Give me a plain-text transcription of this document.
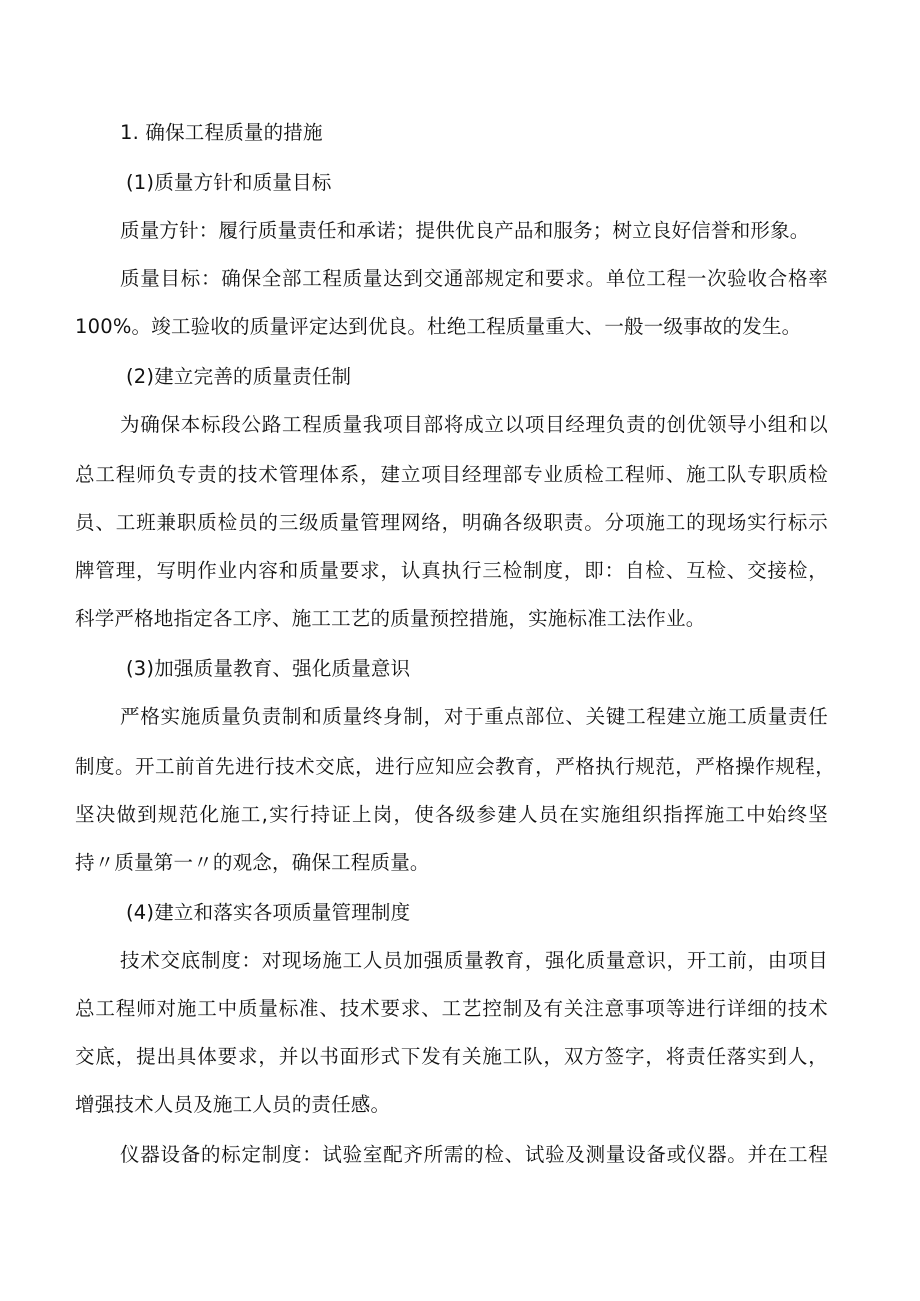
1. 确保工程质量的措施
(1)质量方针和质量目标
质量方针：履行质量责任和承诺；提供优良产品和服务；树立良好信誉和形象。
质量目标：确保全部工程质量达到交通部规定和要求。单位工程一次验收合格率
100%。竣工验收的质量评定达到优良。杜绝工程质量重大、一般一级事故的发生。
(2)建立完善的质量责任制
为确保本标段公路工程质量我项目部将成立以项目经理负责的创优领导小组和以
总工程师负专责的技术管理体系，建立项目经理部专业质检工程师、施工队专职质检
员、工班兼职质检员的三级质量管理网络，明确各级职责。分项施工的现场实行标示
牌管理，写明作业内容和质量要求，认真执行三检制度，即：自检、互检、交接检，
科学严格地指定各工序、施工工艺的质量预控措施，实施标准工法作业。
(3)加强质量教育、强化质量意识
严格实施质量负责制和质量终身制，对于重点部位、关键工程建立施工质量责任
制度。开工前首先进行技术交底，进行应知应会教育，严格执行规范，严格操作规程，
坚决做到规范化施工,实行持证上岗，使各级参建人员在实施组织指挥施工中始终坚
持〃质量第一〃的观念，确保工程质量。
(4)建立和落实各项质量管理制度
技术交底制度：对现场施工人员加强质量教育，强化质量意识，开工前，由项目
总工程师对施工中质量标准、技术要求、工艺控制及有关注意事项等进行详细的技术
交底，提出具体要求，并以书面形式下发有关施工队，双方签字，将责任落实到人，
增强技术人员及施工人员的责任感。
仪器设备的标定制度：试验室配齐所需的检、试验及测量设备或仪器。并在工程
